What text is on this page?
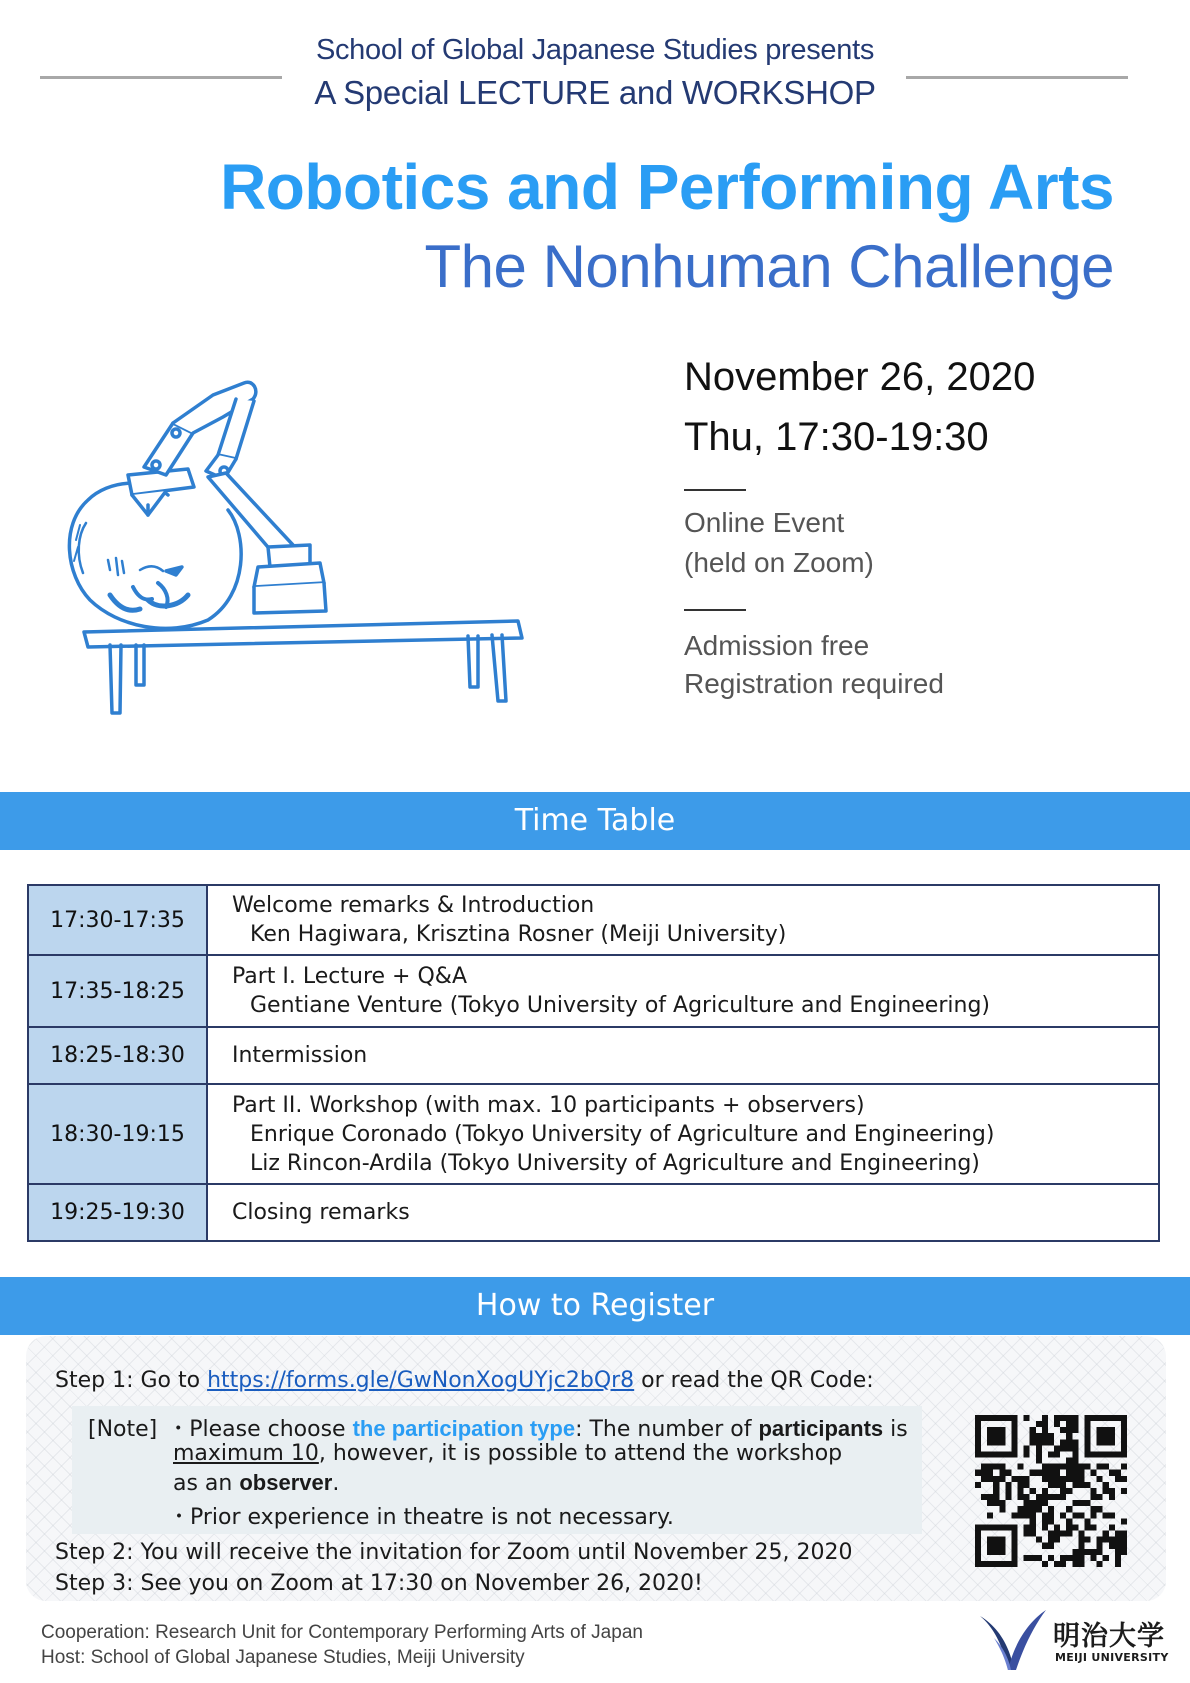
School of Global Japanese Studies presents
A Special LECTURE and WORKSHOP
Robotics and Performing Arts
The Nonhuman Challenge
November 26, 2020
Thu, 17:30-19:30
Online Event
(held on Zoom)
Admission free
Registration required
Time Table
17:30-17:35	Welcome remarks & Introduction
Ken Hagiwara, Krisztina Rosner (Meiji University)

17:35-18:25	Part I. Lecture + Q&A
Gentiane Venture (Tokyo University of Agriculture and Engineering)

18:25-18:30	Intermission

18:30-19:15	Part II. Workshop (with max. 10 participants + observers)
Enrique Coronado (Tokyo University of Agriculture and Engineering)
Liz Rincon-Ardila (Tokyo University of Agriculture and Engineering)

19:25-19:30	Closing remarks
How to Register
Step 1: Go to https://forms.gle/GwNonXogUYjc2bQr8 or read the QR Code:
[Note] ・Please choose the participation type: The number of participants is
maximum 10, however, it is possible to attend the workshop
as an observer.
・Prior experience in theatre is not necessary.
Step 2: You will receive the invitation for Zoom until November 25, 2020
Step 3: See you on Zoom at 17:30 on November 26, 2020!
Cooperation: Research Unit for Contemporary Performing Arts of Japan
Host: School of Global Japanese Studies, Meiji University
明治大学
MEIJI UNIVERSITY
